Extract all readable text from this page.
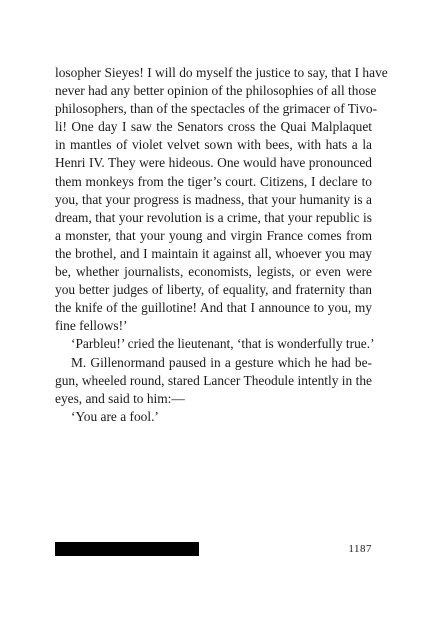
losopher Sieyes! I will do myself the justice to say, that I have
never had any better opinion of the philosophies of all those
philosophers, than of the spectacles of the grimacer of Tivo-
li! One day I saw the Senators cross the Quai Malplaquet
in mantles of violet velvet sown with bees, with hats a la
Henri IV. They were hideous. One would have pronounced
them monkeys from the tiger’s court. Citizens, I declare to
you, that your progress is madness, that your humanity is a
dream, that your revolution is a crime, that your republic is
a monster, that your young and virgin France comes from
the brothel, and I maintain it against all, whoever you may
be, whether journalists, economists, legists, or even were
you better judges of liberty, of equality, and fraternity than
the knife of the guillotine! And that I announce to you, my
fine fellows!’
‘Parbleu!’ cried the lieutenant, ‘that is wonderfully true.’
M. Gillenormand paused in a gesture which he had be-
gun, wheeled round, stared Lancer Theodule intently in the
eyes, and said to him:—
‘You are a fool.’
1187
